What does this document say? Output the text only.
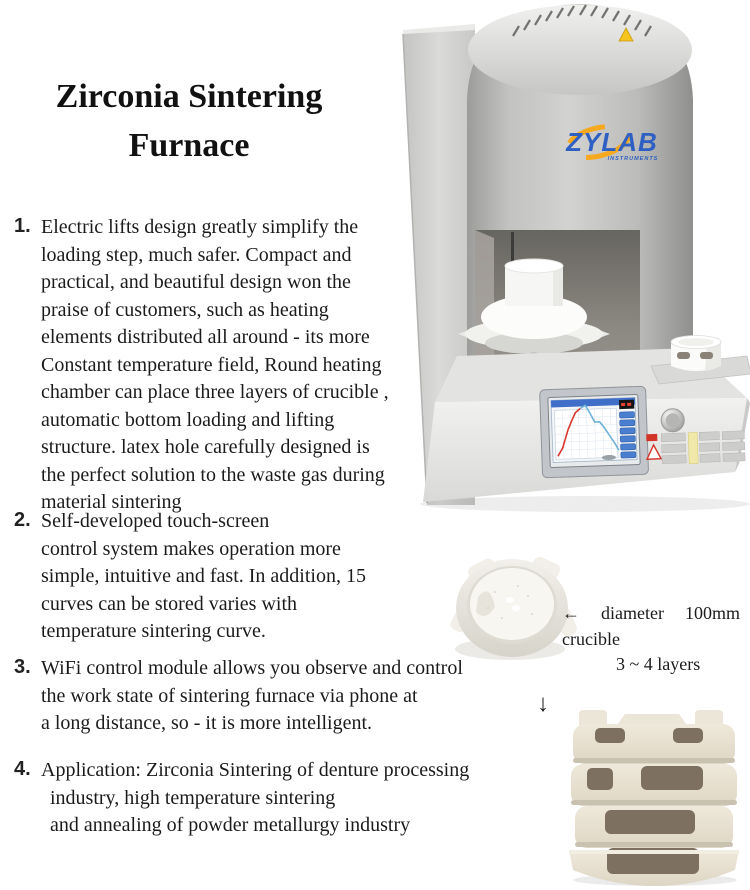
Zirconia Sintering
Furnace
1. Electric lifts design greatly simplify the
loading step, much safer. Compact and
practical, and beautiful design won the
praise of customers, such as heating
elements distributed all around - its more
Constant temperature field, Round heating
chamber can place three layers of crucible ,
automatic bottom loading and lifting
structure. latex hole carefully designed is
the perfect solution to the waste gas during
material sintering
2. Self-developed touch-screen
control system makes operation more
simple, intuitive and fast. In addition, 15
curves can be stored varies with
temperature sintering curve.
3. WiFi control module allows you observe and control
the work state of sintering furnace via phone at
a long distance, so - it is more intelligent.
4. Application: Zirconia Sintering of denture processing
industry, high temperature sintering
and annealing of powder metallurgy industry
ZYLAB
INSTRUMENTS
← diameter 100mm
crucible
3 ~ 4 layers
↓
